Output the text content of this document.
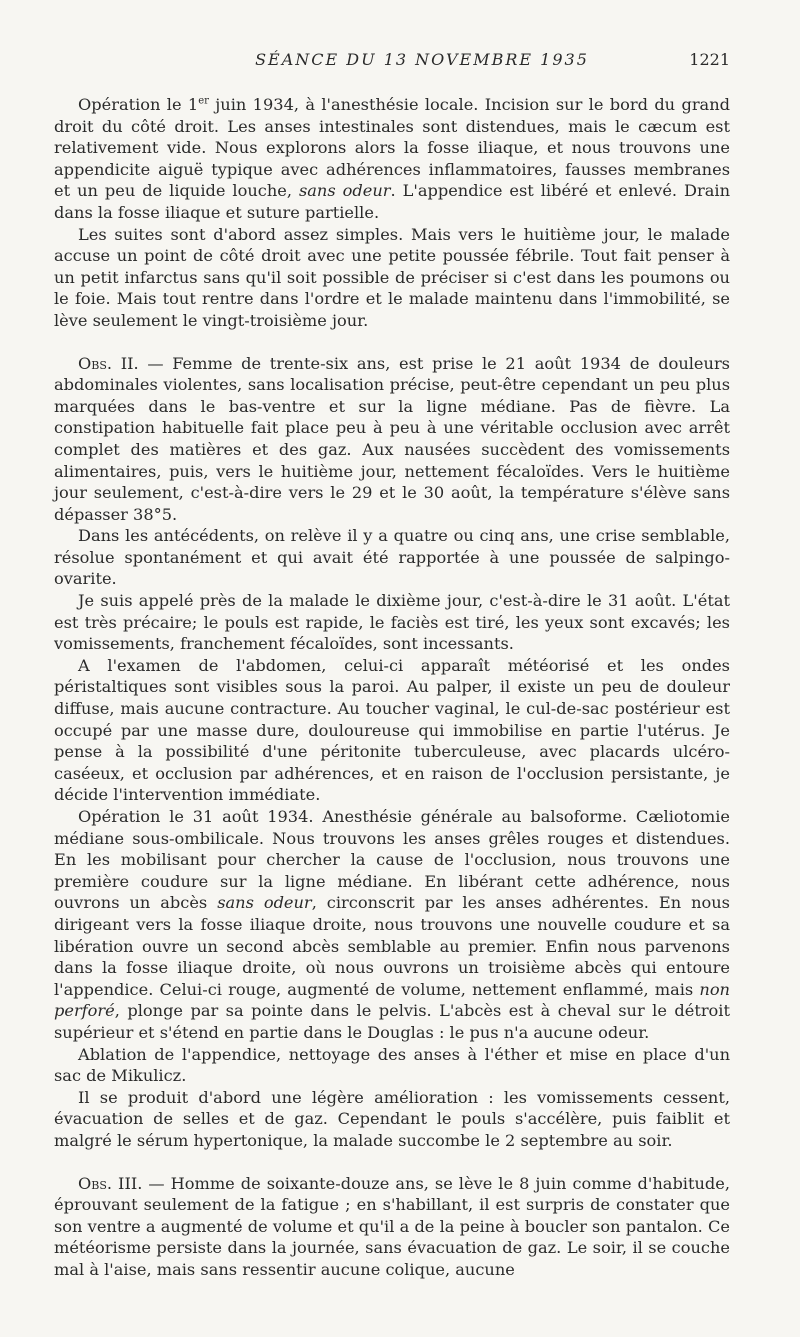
SÉANCE DU 13 NOVEMBRE 1935	1221

Opération le 1er juin 1934, à l'anesthésie locale. Incision sur le bord du grand droit du côté droit. Les anses intestinales sont distendues, mais le cæcum est relativement vide. Nous explorons alors la fosse iliaque, et nous trouvons une appendicite aiguë typique avec adhérences inflammatoires, fausses membranes et un peu de liquide louche, sans odeur. L'appendice est libéré et enlevé. Drain dans la fosse iliaque et suture partielle.

Les suites sont d'abord assez simples. Mais vers le huitième jour, le malade accuse un point de côté droit avec une petite poussée fébrile. Tout fait penser à un petit infarctus sans qu'il soit possible de préciser si c'est dans les poumons ou le foie. Mais tout rentre dans l'ordre et le malade maintenu dans l'immobilité, se lève seulement le vingt-troisième jour.

Obs. II. — Femme de trente-six ans, est prise le 21 août 1934 de douleurs abdominales violentes, sans localisation précise, peut-être cependant un peu plus marquées dans le bas-ventre et sur la ligne médiane. Pas de fièvre. La constipation habituelle fait place peu à peu à une véritable occlusion avec arrêt complet des matières et des gaz. Aux nausées succèdent des vomissements alimentaires, puis, vers le huitième jour, nettement fécaloïdes. Vers le huitième jour seulement, c'est-à-dire vers le 29 et le 30 août, la température s'élève sans dépasser 38°5.

Dans les antécédents, on relève il y a quatre ou cinq ans, une crise semblable, résolue spontanément et qui avait été rapportée à une poussée de salpingo-ovarite.

Je suis appelé près de la malade le dixième jour, c'est-à-dire le 31 août. L'état est très précaire; le pouls est rapide, le faciès est tiré, les yeux sont excavés; les vomissements, franchement fécaloïdes, sont incessants.

A l'examen de l'abdomen, celui-ci apparaît météorisé et les ondes péristaltiques sont visibles sous la paroi. Au palper, il existe un peu de douleur diffuse, mais aucune contracture. Au toucher vaginal, le cul-de-sac postérieur est occupé par une masse dure, douloureuse qui immobilise en partie l'utérus. Je pense à la possibilité d'une péritonite tuberculeuse, avec placards ulcéro-caséeux, et occlusion par adhérences, et en raison de l'occlusion persistante, je décide l'intervention immédiate.

Opération le 31 août 1934. Anesthésie générale au balsoforme. Cæliotomie médiane sous-ombilicale. Nous trouvons les anses grêles rouges et distendues. En les mobilisant pour chercher la cause de l'occlusion, nous trouvons une première coudure sur la ligne médiane. En libérant cette adhérence, nous ouvrons un abcès sans odeur, circonscrit par les anses adhérentes. En nous dirigeant vers la fosse iliaque droite, nous trouvons une nouvelle coudure et sa libération ouvre un second abcès semblable au premier. Enfin nous parvenons dans la fosse iliaque droite, où nous ouvrons un troisième abcès qui entoure l'appendice. Celui-ci rouge, augmenté de volume, nettement enflammé, mais non perforé, plonge par sa pointe dans le pelvis. L'abcès est à cheval sur le détroit supérieur et s'étend en partie dans le Douglas : le pus n'a aucune odeur.

Ablation de l'appendice, nettoyage des anses à l'éther et mise en place d'un sac de Mikulicz.

Il se produit d'abord une légère amélioration : les vomissements cessent, évacuation de selles et de gaz. Cependant le pouls s'accélère, puis faiblit et malgré le sérum hypertonique, la malade succombe le 2 septembre au soir.

Obs. III. — Homme de soixante-douze ans, se lève le 8 juin comme d'habitude, éprouvant seulement de la fatigue ; en s'habillant, il est surpris de constater que son ventre a augmenté de volume et qu'il a de la peine à boucler son pantalon. Ce météorisme persiste dans la journée, sans évacuation de gaz. Le soir, il se couche mal à l'aise, mais sans ressentir aucune colique, aucune
